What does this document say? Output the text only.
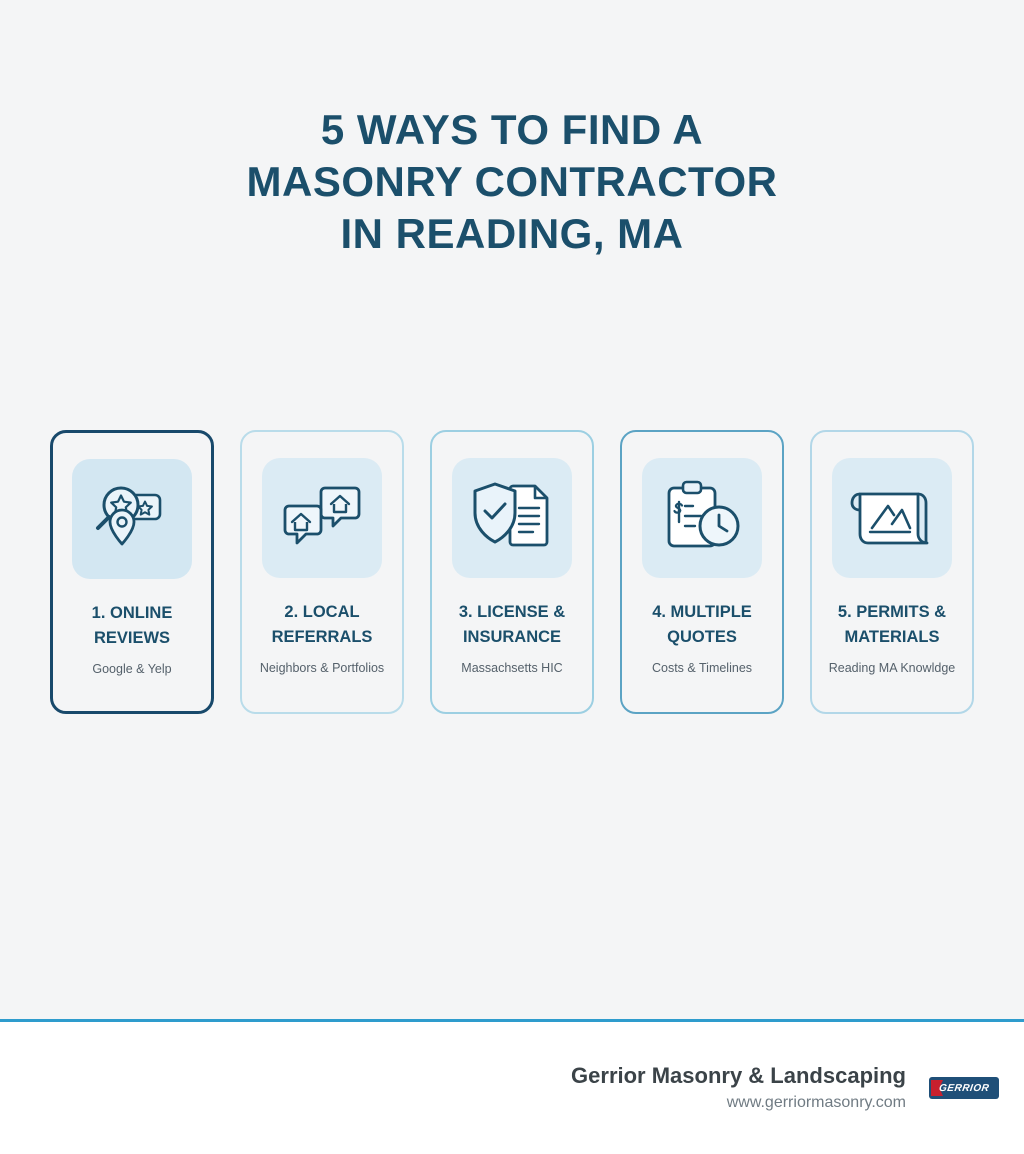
5 WAYS TO FIND A
MASONRY CONTRACTOR
IN READING, MA
1. ONLINE REVIEWS
Google & Yelp
2. LOCAL REFERRALS
Neighbors & Portfolios
3. LICENSE & INSURANCE
Massachsetts HIC
4. MULTIPLE QUOTES
Costs & Timelines
5. PERMITS & MATERIALS
Reading MA Knowldge
Gerrior Masonry & Landscaping
www.gerriormasonry.com
GERRIOR
